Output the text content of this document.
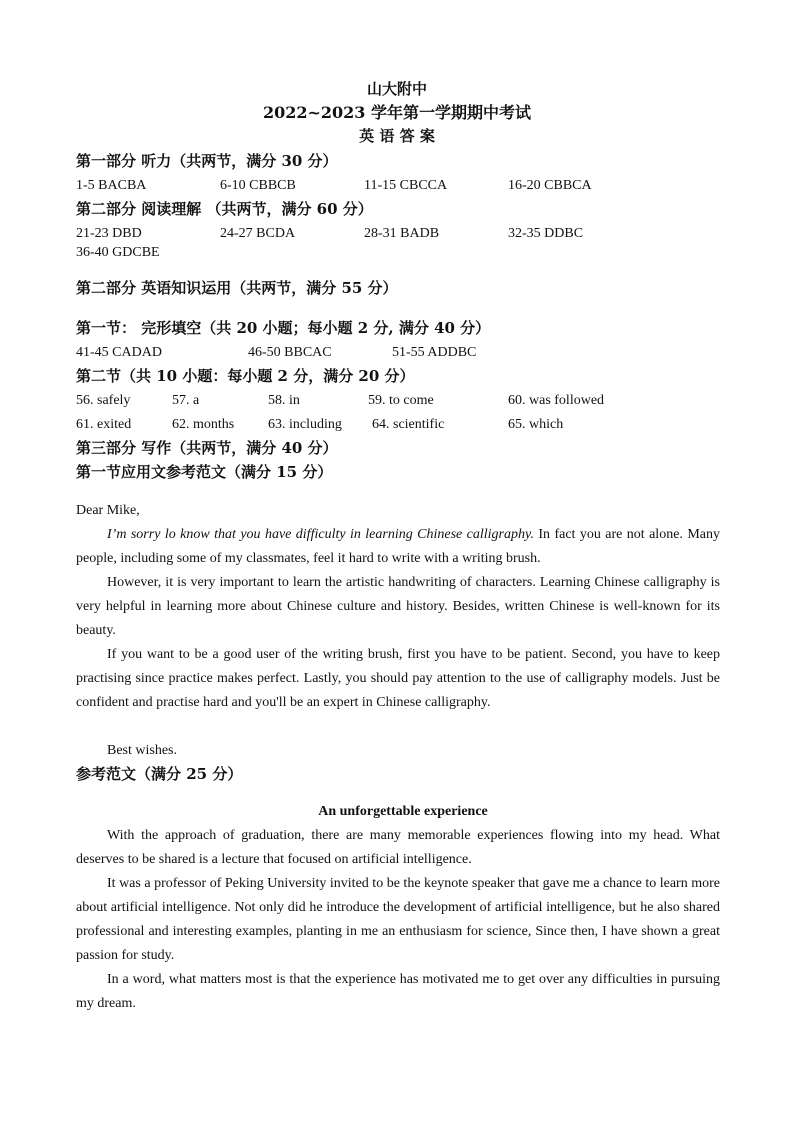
山大附中
2022~2023 学年第一学期期中考试
英 语 答 案
第一部分 听力（共两节，满分 30 分）
1-5 BACBA	6-10 CBBCB	11-15 CBCCA	16-20 CBBCA
第二部分 阅读理解 （共两节，满分 60 分）
21-23 DBD	24-27 BCDA	28-31 BADB	32-35 DDBC
36-40 GDCBE
第二部分 英语知识运用（共两节，满分 55 分）
第一节： 完形填空（共 20 小题；每小题 2 分, 满分 40 分）
41-45 CADAD	46-50 BBCAC	51-55 ADDBC
第二节（共 10 小题：每小题 2 分，满分 20 分）
56. safely	57. a	58. in	59. to come	60. was followed
61. exited	62. months 63. including 64. scientific	65. which
第三部分 写作（共两节，满分 40 分）
第一节应用文参考范文（满分 15 分）
Dear Mike,

I’m sorry lo know that you have difficulty in learning Chinese calligraphy. In fact you are not alone. Many people, including some of my classmates, feel it hard to write with a writing brush.

However, it is very important to learn the artistic handwriting of characters. Learning Chinese calligraphy is very helpful in learning more about Chinese culture and history. Besides, written Chinese is well-known for its beauty.

If you want to be a good user of the writing brush, first you have to be patient. Second, you have to keep practising since practice makes perfect. Lastly, you should pay attention to the use of calligraphy models. Just be confident and practise hard and you'll be an expert in Chinese calligraphy.

Best wishes.
参考范文（满分 25 分）
An unforgettable experience

With the approach of graduation, there are many memorable experiences flowing into my head. What deserves to be shared is a lecture that focused on artificial intelligence.

It was a professor of Peking University invited to be the keynote speaker that gave me a chance to learn more about artificial intelligence. Not only did he introduce the development of artificial intelligence, but he also shared professional and interesting examples, planting in me an enthusiasm for science, Since then, I have shown a great passion for study.

In a word, what matters most is that the experience has motivated me to get over any difficulties in pursuing my dream.
